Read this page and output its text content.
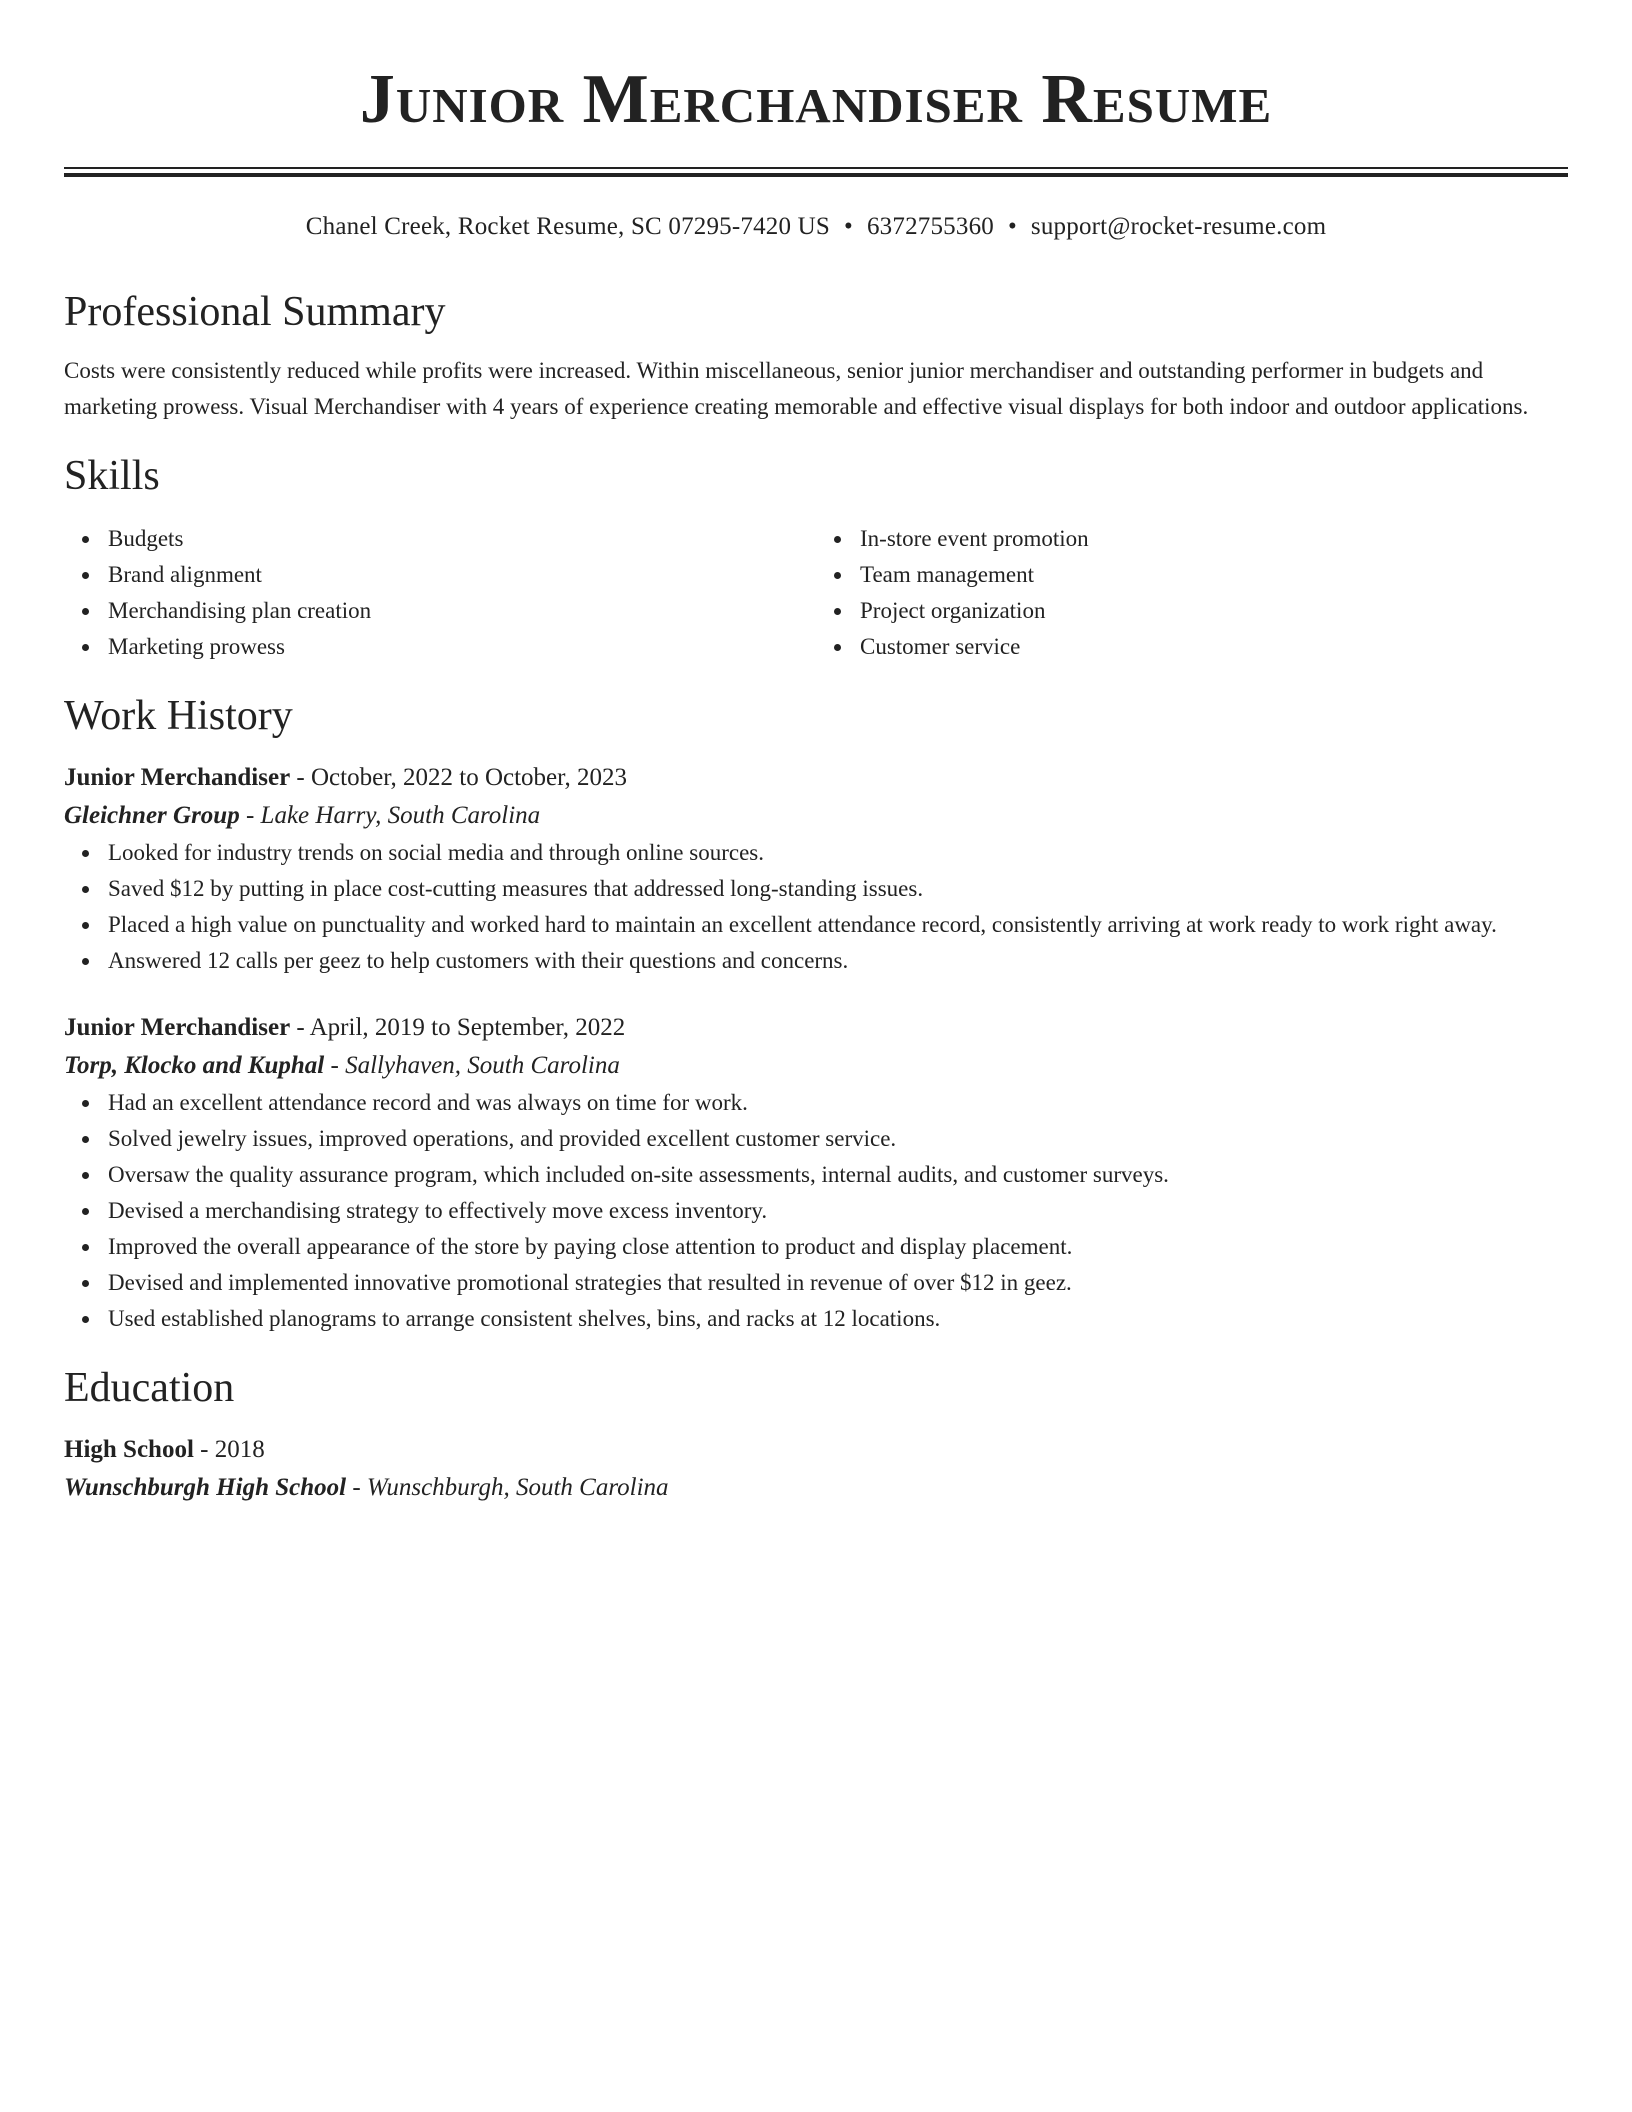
Junior Merchandiser Resume
Chanel Creek, Rocket Resume, SC 07295-7420 US • 6372755360 • support@rocket-resume.com
Professional Summary

Costs were consistently reduced while profits were increased. Within miscellaneous, senior junior merchandiser and outstanding performer in budgets and marketing prowess. Visual Merchandiser with 4 years of experience creating memorable and effective visual displays for both indoor and outdoor applications.

Skills
Budgets
Brand alignment
Merchandising plan creation
Marketing prowess
In-store event promotion
Team management
Project organization
Customer service
Work History
Junior Merchandiser - October, 2022 to October, 2023
Gleichner Group - Lake Harry, South Carolina
Looked for industry trends on social media and through online sources.
Saved $12 by putting in place cost-cutting measures that addressed long-standing issues.
Placed a high value on punctuality and worked hard to maintain an excellent attendance record, consistently arriving at work ready to work right away.
Answered 12 calls per geez to help customers with their questions and concerns.
Junior Merchandiser - April, 2019 to September, 2022
Torp, Klocko and Kuphal - Sallyhaven, South Carolina
Had an excellent attendance record and was always on time for work.
Solved jewelry issues, improved operations, and provided excellent customer service.
Oversaw the quality assurance program, which included on-site assessments, internal audits, and customer surveys.
Devised a merchandising strategy to effectively move excess inventory.
Improved the overall appearance of the store by paying close attention to product and display placement.
Devised and implemented innovative promotional strategies that resulted in revenue of over $12 in geez.
Used established planograms to arrange consistent shelves, bins, and racks at 12 locations.
Education
High School - 2018
Wunschburgh High School - Wunschburgh, South Carolina
